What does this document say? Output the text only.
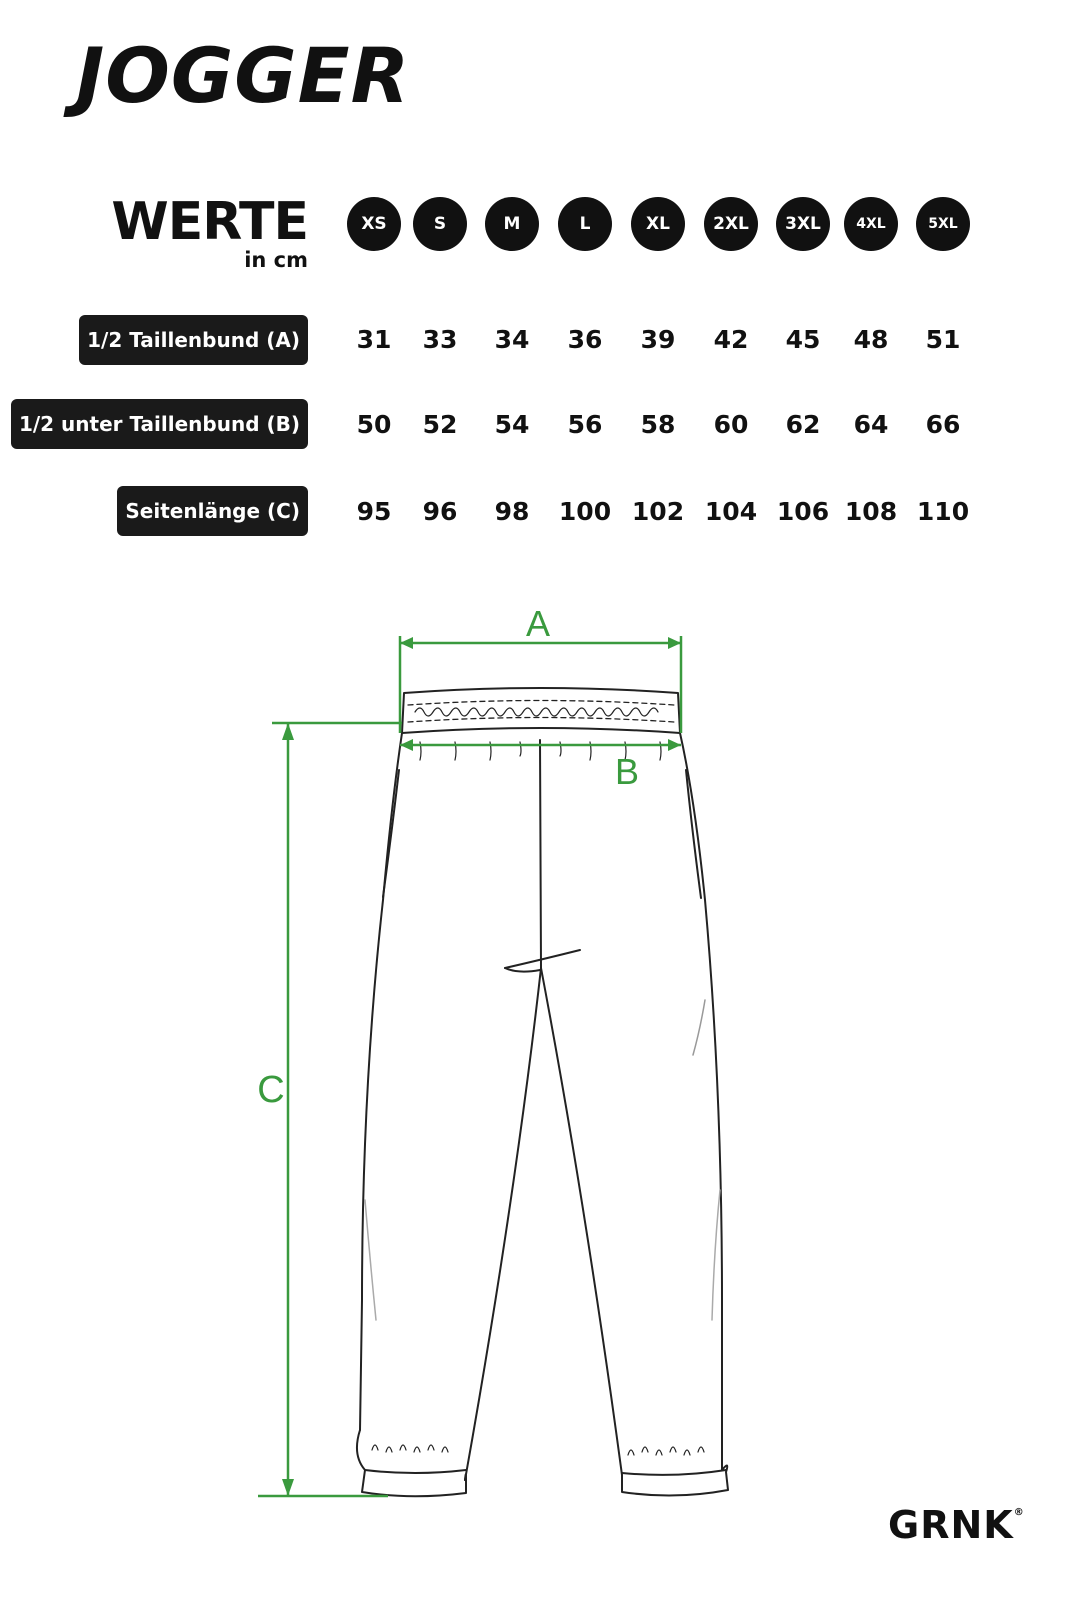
JOGGER
WERTE
in cm
XS	S	M	L	XL	2XL	3XL	4XL	5XL
1/2 Taillenbund (A)
1/2 unter Taillenbund (B)
Seitenlänge (C)
31	33	34	36	39	42	45	48	51
50	52	54	56	58	60	62	64	66
95	96	98	100 102 104 106 108 110
A
B
C
GRNK®
